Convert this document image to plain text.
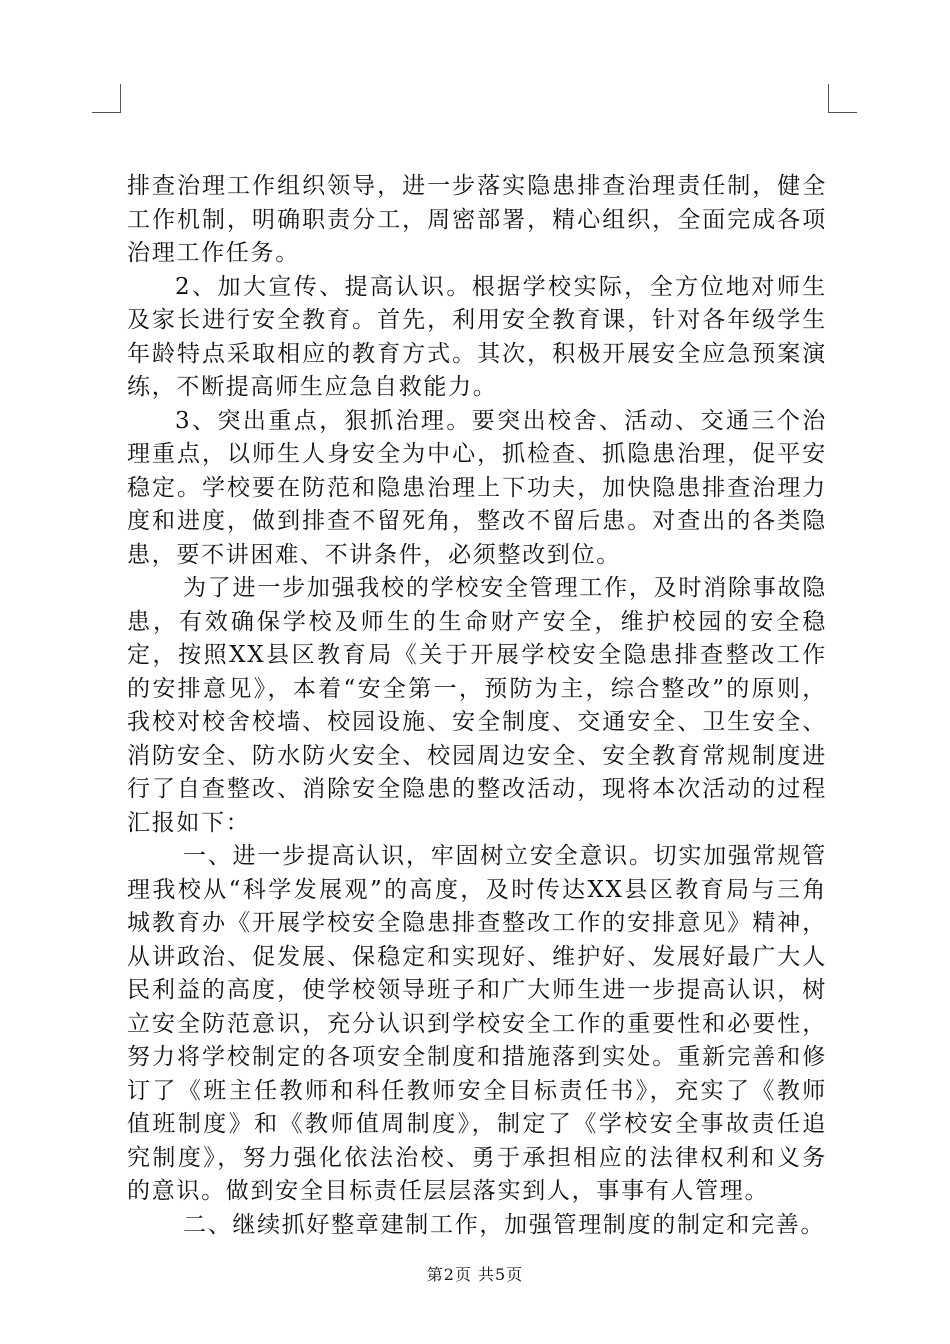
排查治理工作组织领导，进一步落实隐患排查治理责任制，健全工作机制，明确职责分工，周密部署，精心组织，全面完成各项治理工作任务。

2、加大宣传、提高认识。根据学校实际，全方位地对师生及家长进行安全教育。首先，利用安全教育课，针对各年级学生年龄特点采取相应的教育方式。其次，积极开展安全应急预案演练，不断提高师生应急自救能力。

3、突出重点，狠抓治理。要突出校舍、活动、交通三个治理重点，以师生人身安全为中心，抓检查、抓隐患治理，促平安稳定。学校要在防范和隐患治理上下功夫，加快隐患排查治理力度和进度，做到排查不留死角，整改不留后患。对查出的各类隐患，要不讲困难、不讲条件，必须整改到位。

为了进一步加强我校的学校安全管理工作，及时消除事故隐患，有效确保学校及师生的生命财产安全，维护校园的安全稳定，按照XX县区教育局《关于开展学校安全隐患排查整改工作的安排意见》，本着“安全第一，预防为主，综合整改”的原则，我校对校舍校墙、校园设施、安全制度、交通安全、卫生安全、消防安全、防水防火安全、校园周边安全、安全教育常规制度进行了自查整改、消除安全隐患的整改活动，现将本次活动的过程汇报如下：

一、进一步提高认识，牢固树立安全意识。切实加强常规管理我校从“科学发展观”的高度，及时传达XX县区教育局与三角城教育办《开展学校安全隐患排查整改工作的安排意见》精神，从讲政治、促发展、保稳定和实现好、维护好、发展好最广大人民利益的高度，使学校领导班子和广大师生进一步提高认识，树立安全防范意识，充分认识到学校安全工作的重要性和必要性，努力将学校制定的各项安全制度和措施落到实处。重新完善和修订了《班主任教师和科任教师安全目标责任书》，充实了《教师值班制度》和《教师值周制度》，制定了《学校安全事故责任追究制度》，努力强化依法治校、勇于承担相应的法律权利和义务的意识。做到安全目标责任层层落实到人，事事有人管理。

二、继续抓好整章建制工作，加强管理制度的制定和完善。

第2页 共5页
